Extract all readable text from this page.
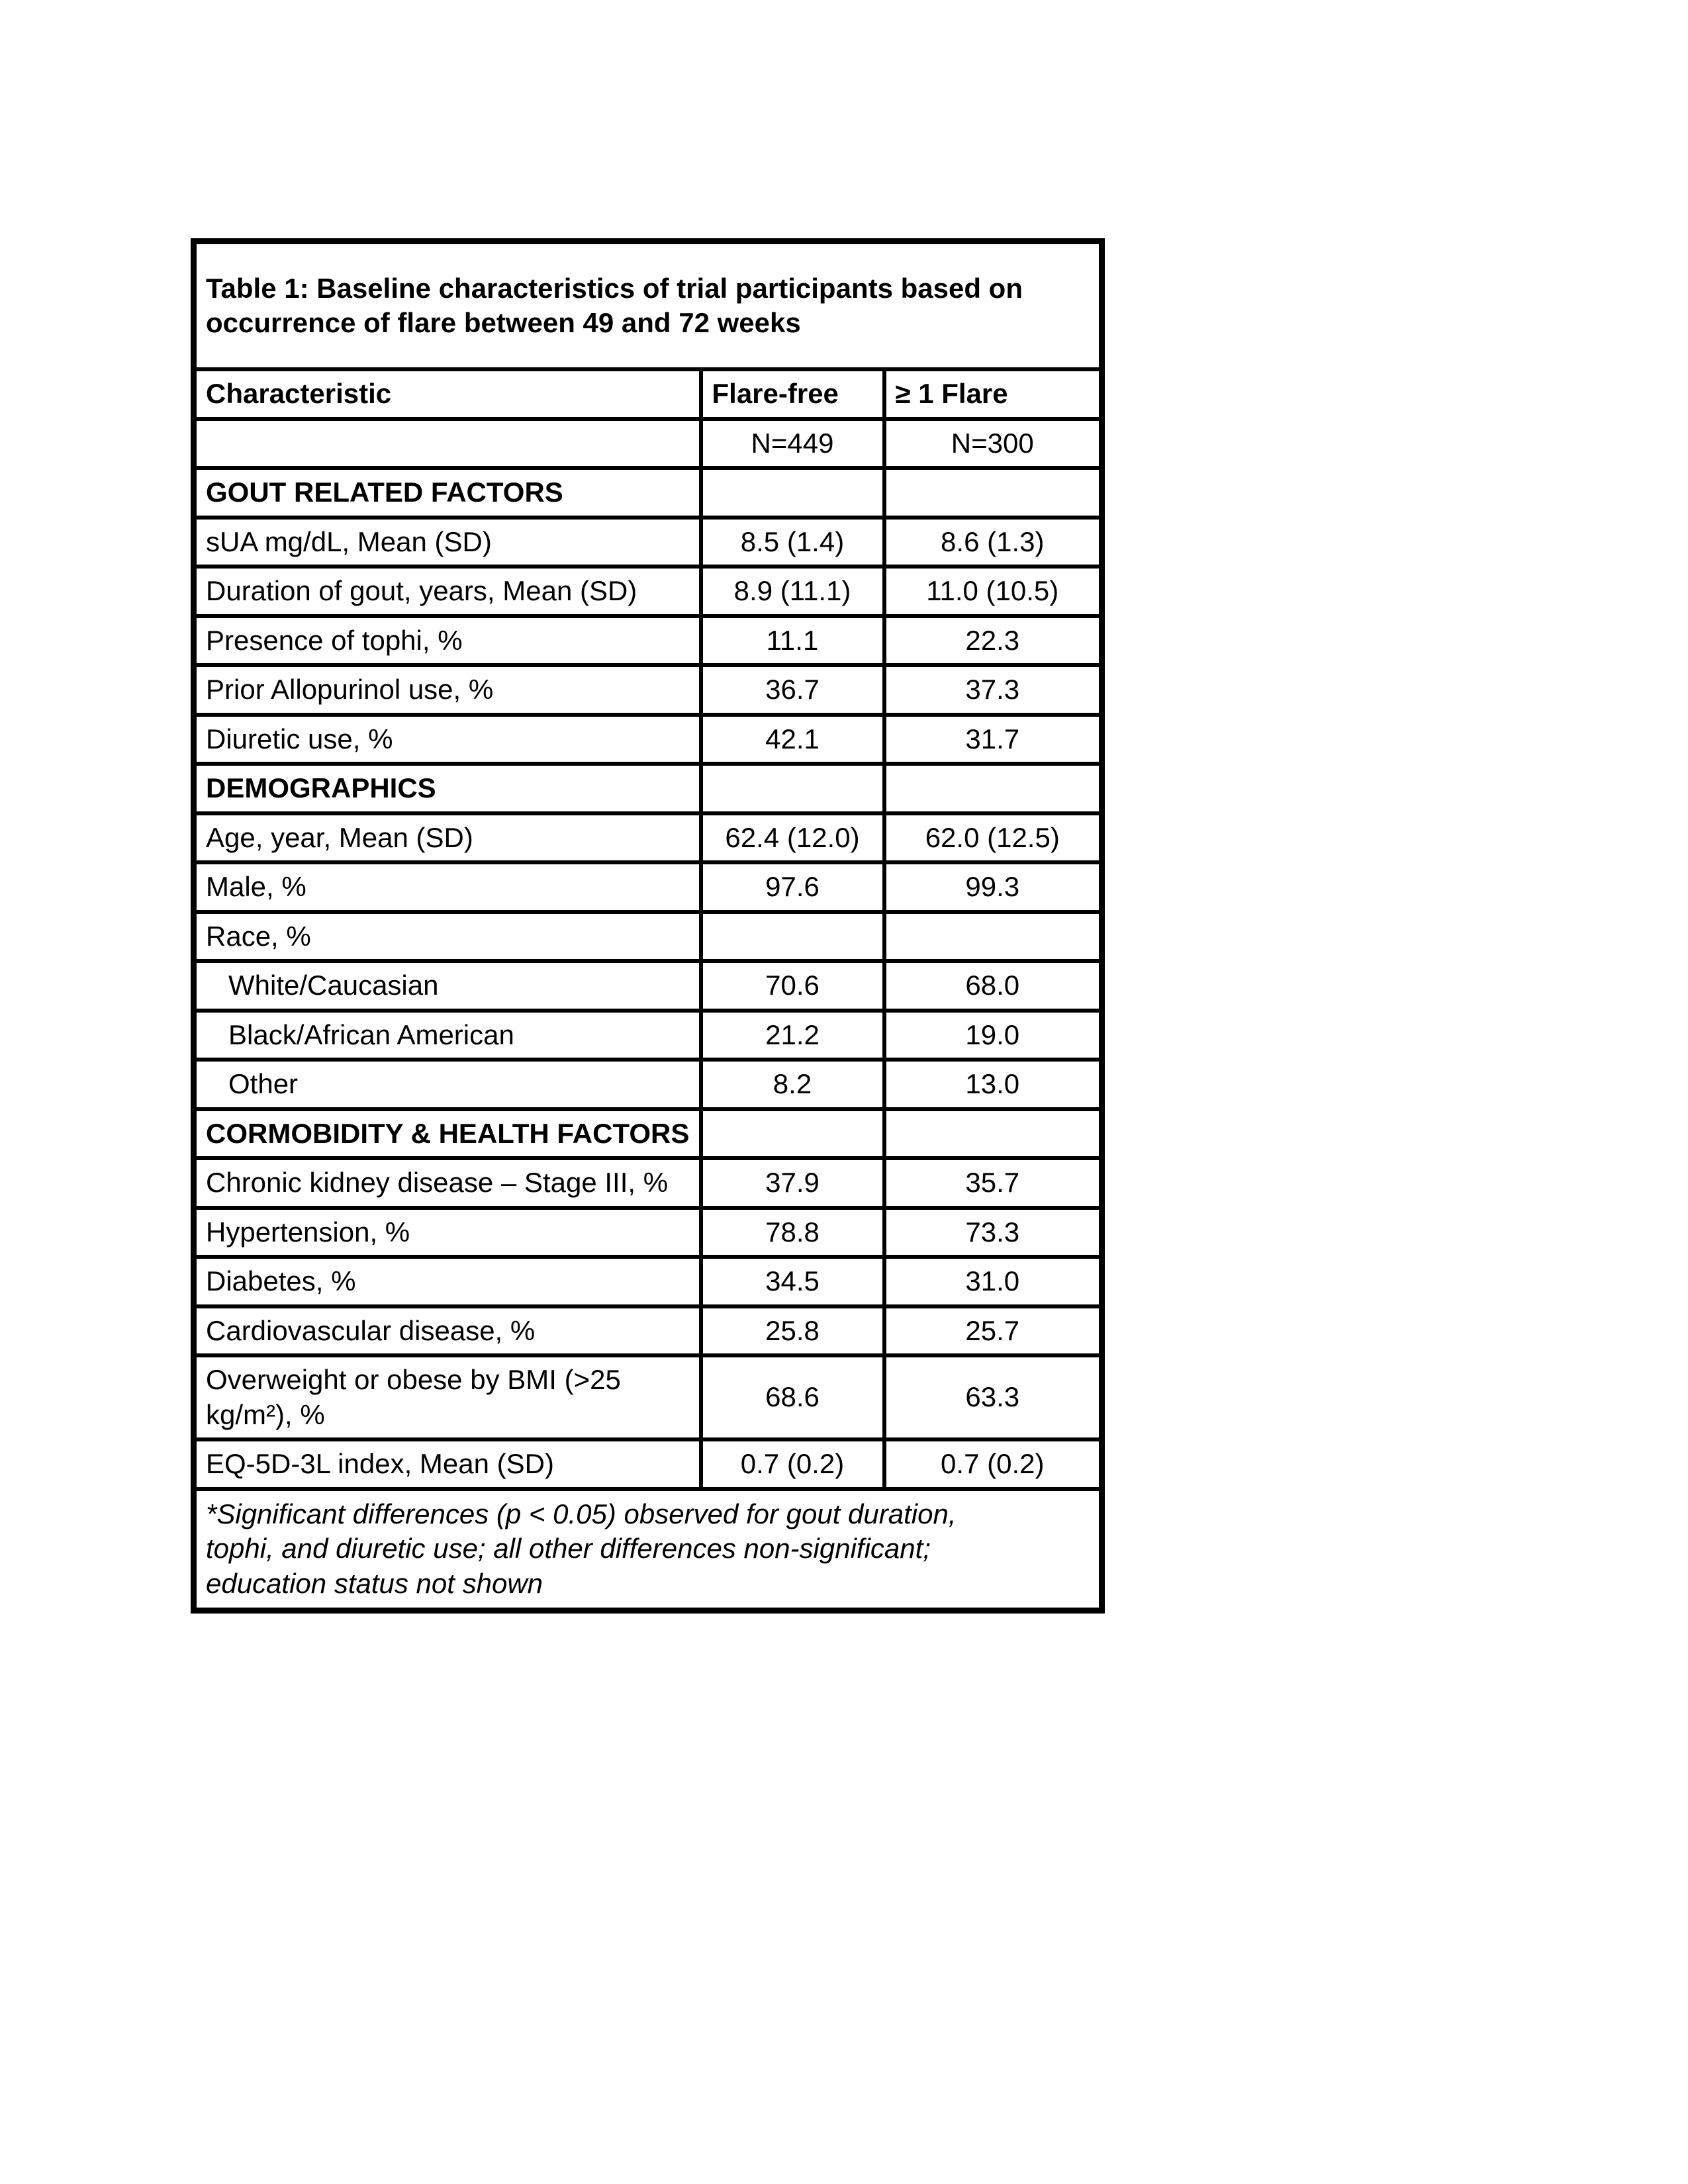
Table 1: Baseline characteristics of trial participants based on
occurrence of flare between 49 and 72 weeks		

Characteristic	Flare-free	≥ 1 Flare
	N=449	N=300
GOUT RELATED FACTORS		
sUA mg/dL, Mean (SD)	8.5 (1.4)	8.6 (1.3)
Duration of gout, years, Mean (SD)	8.9 (11.1)	11.0 (10.5)
Presence of tophi, %	11.1	22.3
Prior Allopurinol use, %	36.7	37.3
Diuretic use, %	42.1	31.7
DEMOGRAPHICS		
Age, year, Mean (SD)	62.4 (12.0)	62.0 (12.5)
Male, %	97.6	99.3
Race, %		
White/Caucasian	70.6	68.0
Black/African American	21.2	19.0
Other	8.2	13.0
CORMOBIDITY & HEALTH FACTORS		
Chronic kidney disease – Stage III, %	37.9	35.7
Hypertension, %	78.8	73.3
Diabetes, %	34.5	31.0
Cardiovascular disease, %	25.8	25.7
Overweight or obese by BMI (>25 kg/m²), %	68.6	63.3
EQ-5D-3L index, Mean (SD)	0.7 (0.2)	0.7 (0.2)

*Significant differences (p < 0.05) observed for gout duration,
tophi, and diuretic use; all other differences non-significant;
education status not shown		
